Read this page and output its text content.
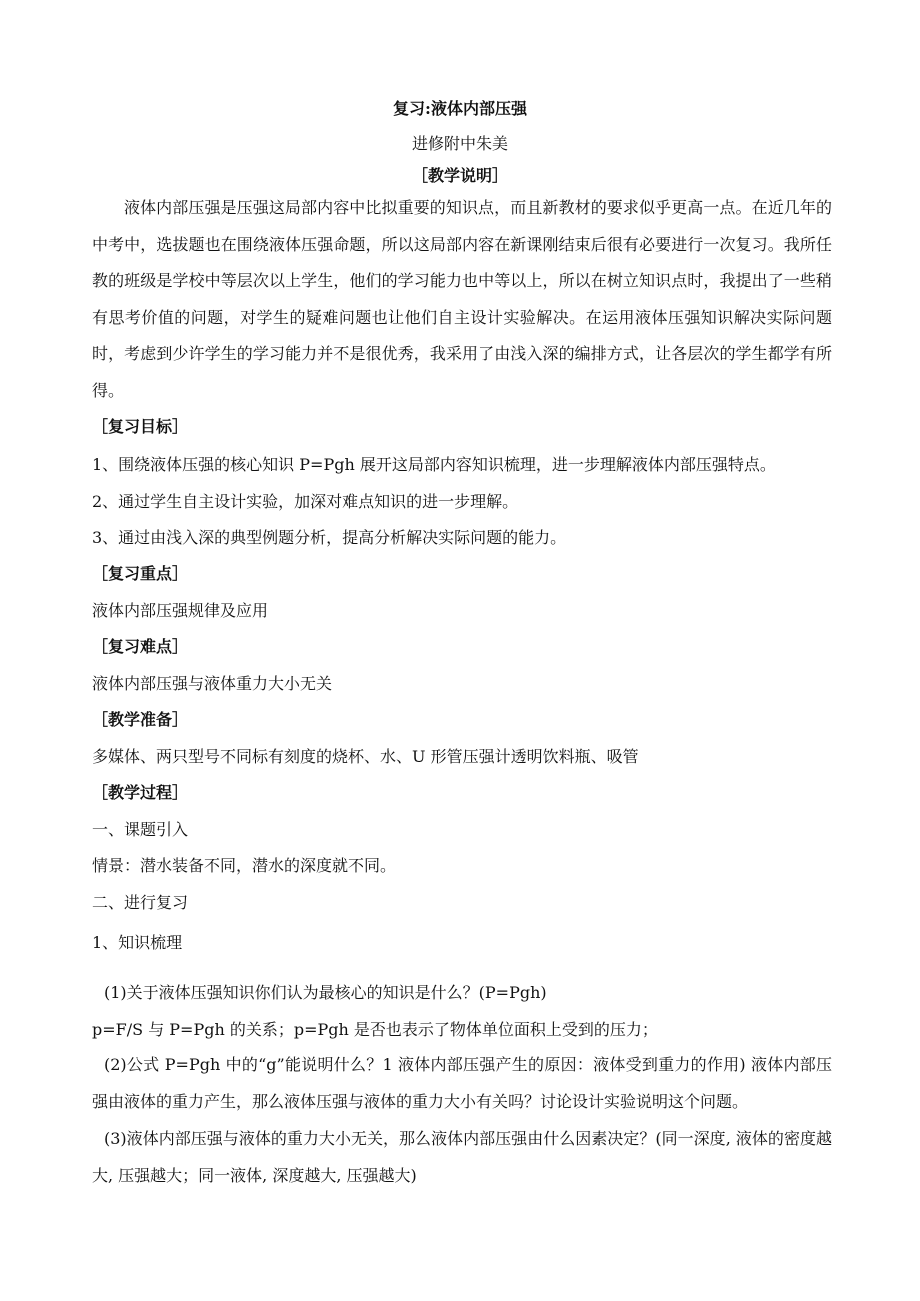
复习:液体内部压强
进修附中朱美
［教学说明］
液体内部压强是压强这局部内容中比拟重要的知识点，而且新教材的要求似乎更高一点。在近几年的中考中，选拔题也在围绕液体压强命题，所以这局部内容在新课刚结束后很有必要进行一次复习。我所任教的班级是学校中等层次以上学生，他们的学习能力也中等以上，所以在树立知识点时，我提出了一些稍有思考价值的问题，对学生的疑难问题也让他们自主设计实验解决。在运用液体压强知识解决实际问题时，考虑到少许学生的学习能力并不是很优秀，我采用了由浅入深的编排方式，让各层次的学生都学有所得。
［复习目标］
1、围绕液体压强的核心知识 P=Pgh 展开这局部内容知识梳理，进一步理解液体内部压强特点。
2、通过学生自主设计实验，加深对难点知识的进一步理解。
3、通过由浅入深的典型例题分析，提高分析解决实际问题的能力。
［复习重点］
液体内部压强规律及应用
［复习难点］
液体内部压强与液体重力大小无关
［教学准备］
多媒体、两只型号不同标有刻度的烧杯、水、U 形管压强计透明饮料瓶、吸管
［教学过程］
一、课题引入
情景：潜水装备不同，潜水的深度就不同。
二、进行复习
1、知识梳理
(1)关于液体压强知识你们认为最核心的知识是什么？(P=Pgh)
p=F/S 与 P=Pgh 的关系；p=Pgh 是否也表示了物体单位面积上受到的压力；
(2)公式 P=Pgh 中的“g”能说明什么？1 液体内部压强产生的原因：液体受到重力的作用) 液体内部压强由液体的重力产生，那么液体压强与液体的重力大小有关吗？讨论设计实验说明这个问题。
(3)液体内部压强与液体的重力大小无关，那么液体内部压强由什么因素决定？(同一深度, 液体的密度越大, 压强越大；同一液体, 深度越大, 压强越大)
